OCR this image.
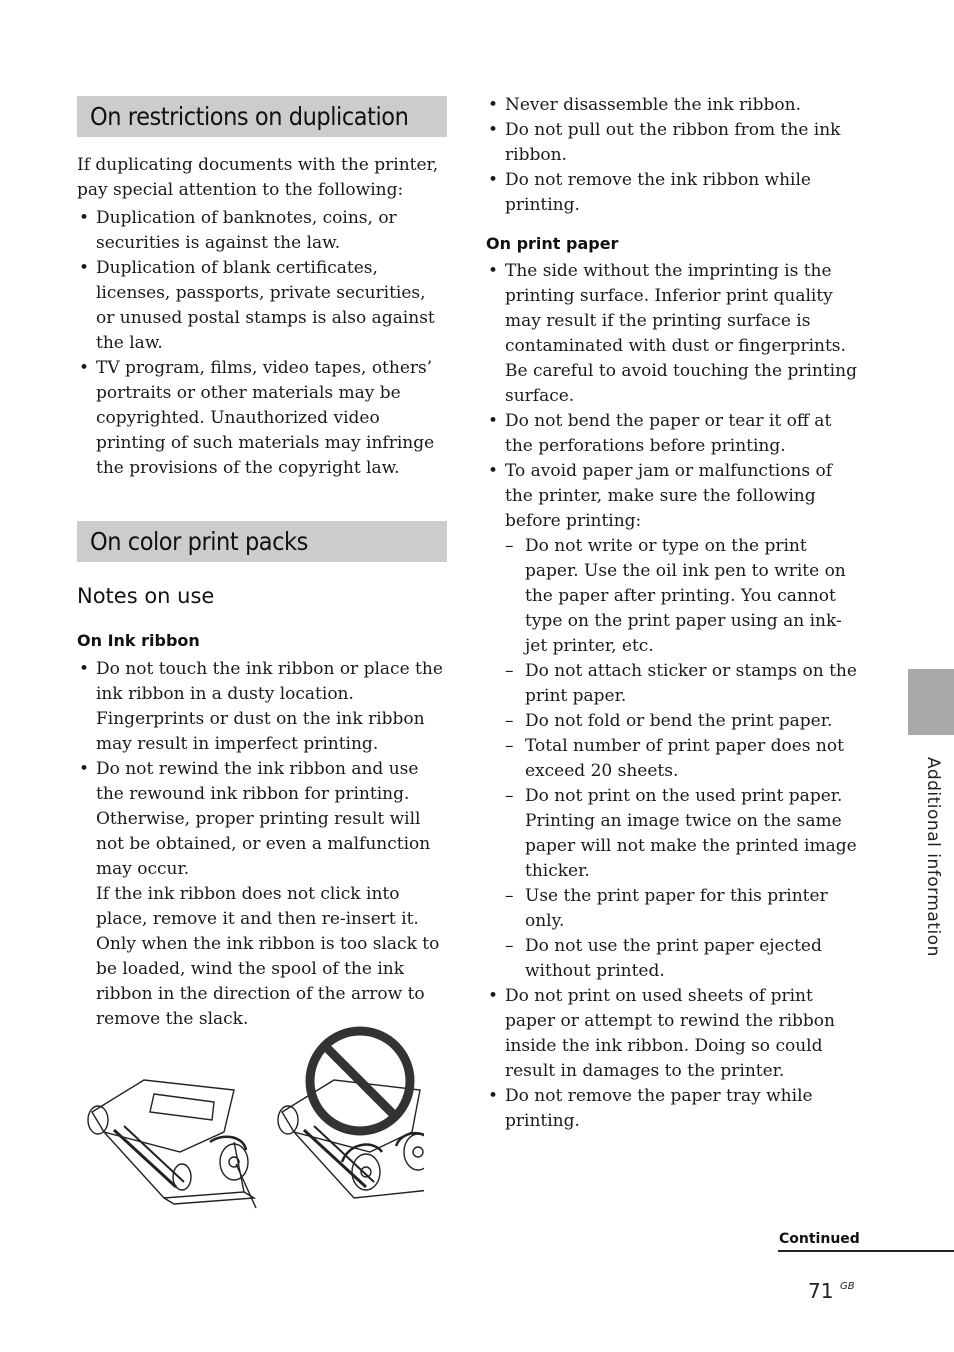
On restrictions on duplication

If duplicating documents with the printer, pay special attention to the following:

• Duplication of banknotes, coins, or securities is against the law.
• Duplication of blank certificates, licenses, passports, private securities, or unused postal stamps is also against the law.
• TV program, films, video tapes, others’ portraits or other materials may be copyrighted. Unauthorized video printing of such materials may infringe the provisions of the copyright law.
On color print packs
Notes on use
On Ink ribbon
• Do not touch the ink ribbon or place the ink ribbon in a dusty location. Fingerprints or dust on the ink ribbon may result in imperfect printing.
• Do not rewind the ink ribbon and use the rewound ink ribbon for printing. Otherwise, proper printing result will not be obtained, or even a malfunction may occur.

If the ink ribbon does not click into place, remove it and then re-insert it. Only when the ink ribbon is too slack to be loaded, wind the spool of the ink ribbon in the direction of the arrow to remove the slack.

• Never disassemble the ink ribbon.
• Do not pull out the ribbon from the ink ribbon.
• Do not remove the ink ribbon while printing.
On print paper
• The side without the imprinting is the printing surface. Inferior print quality may result if the printing surface is contaminated with dust or fingerprints. Be careful to avoid touching the printing surface.
• Do not bend the paper or tear it off at the perforations before printing.
• To avoid paper jam or malfunctions of the printer, make sure the following before printing:
– Do not write or type on the print paper. Use the oil ink pen to write on the paper after printing. You cannot type on the print paper using an ink-jet printer, etc.
– Do not attach sticker or stamps on the print paper.
– Do not fold or bend the print paper.
– Total number of print paper does not exceed 20 sheets.
– Do not print on the used print paper. Printing an image twice on the same paper will not make the printed image thicker.
– Use the print paper for this printer only.
– Do not use the print paper ejected without printed.
• Do not print on used sheets of print paper or attempt to rewind the ribbon inside the ink ribbon. Doing so could result in damages to the printer.
• Do not remove the paper tray while printing.
Additional information
Continued
71 GB
